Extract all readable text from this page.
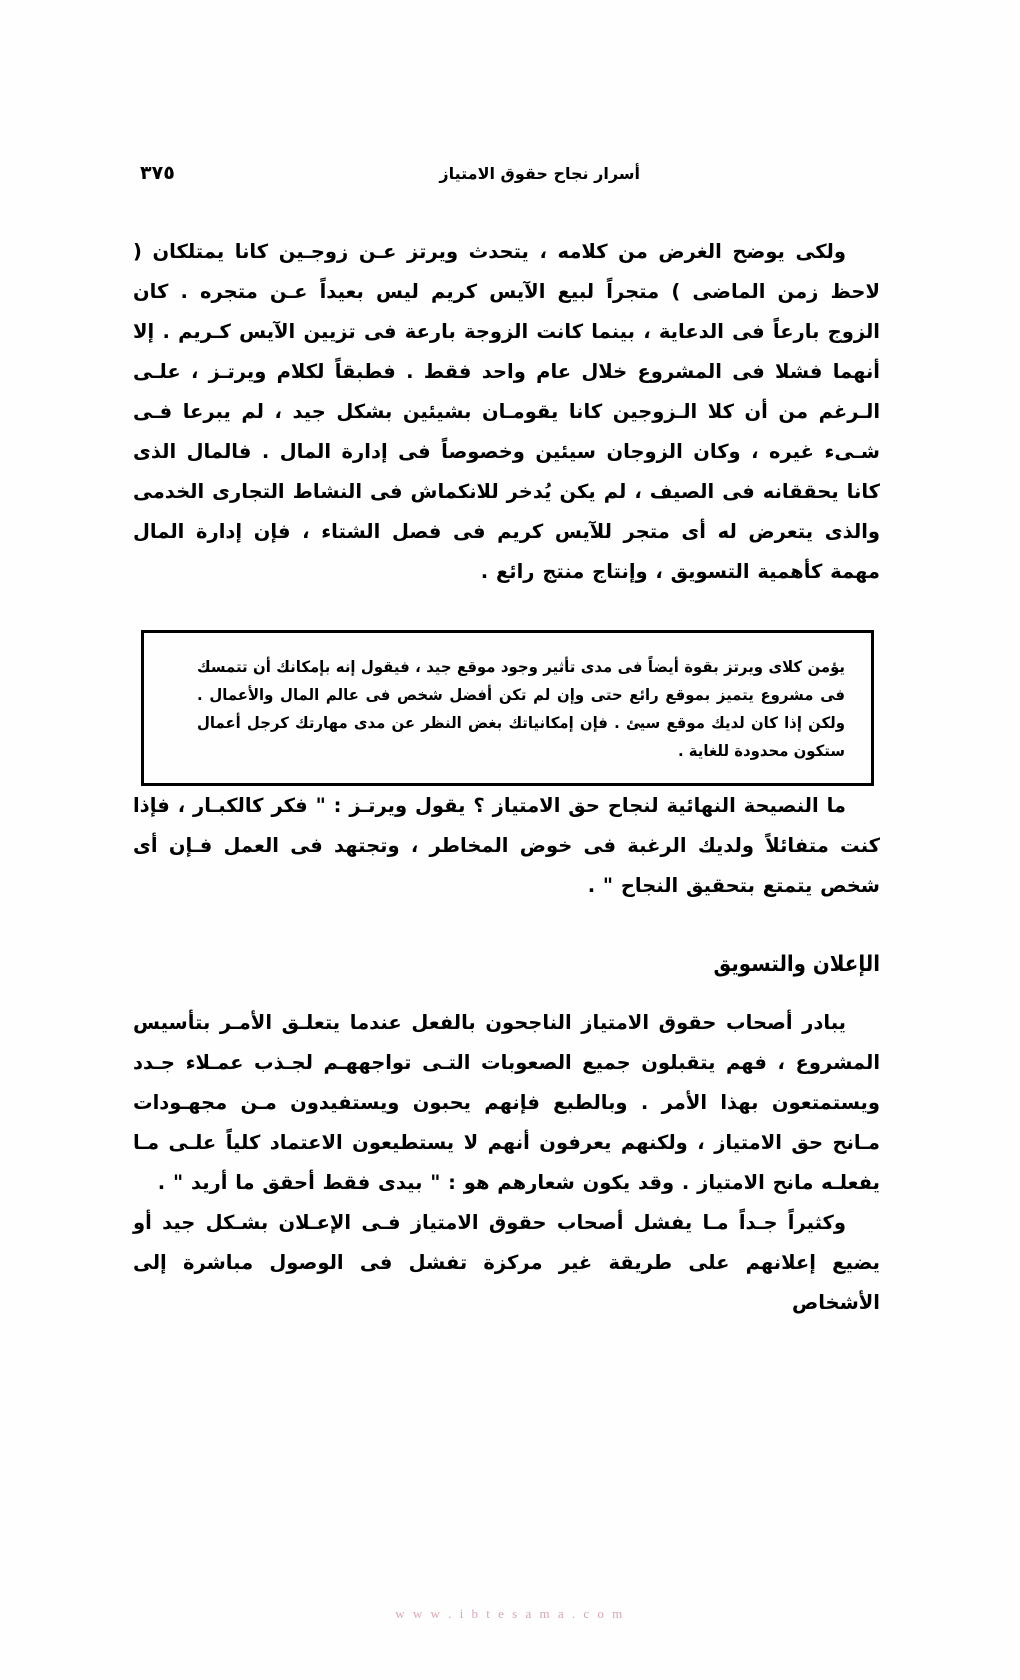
٣٧٥	أسرار نجاح حقوق الامتياز

ولكى يوضح الغرض من كلامه ، يتحدث ويرتز عـن زوجـين كانا يمتلكان ( لاحظ زمن الماضى ) متجراً لبيع الآيس كريم ليس بعيداً عـن متجره . كان الزوج بارعاً فى الدعاية ، بينما كانت الزوجة بارعة فى تزيين الآيس كـريم . إلا أنهما فشلا فى المشروع خلال عام واحد فقط . فطبقاً لكلام ويرتـز ، علـى الـرغم من أن كلا الـزوجين كانا يقومـان بشيئين بشكل جيد ، لم يبرعا فـى شـىء غيره ، وكان الزوجان سيئين وخصوصاً فى إدارة المال . فالمال الذى كانا يحققانه فى الصيف ، لم يكن يُدخر للانكماش فى النشاط التجارى الخدمى والذى يتعرض له أى متجر للآيس كريم فى فصل الشتاء ، فإن إدارة المال مهمة كأهمية التسويق ، وإنتاج منتج رائع .

يؤمن كلاى ويرتز بقوة أيضاً فى مدى تأثير وجود موقع جيد ، فيقول إنه بإمكانك أن تتمسك فى مشروع يتميز بموقع رائع حتى وإن لم تكن أفضل شخص فى عالم المال والأعمال . ولكن إذا كان لديك موقع سيئ . فإن إمكانياتك بغض النظر عن مدى مهارتك كرجل أعمال ستكون محدودة للغاية .

ما النصيحة النهائية لنجاح حق الامتياز ؟ يقول ويرتـز : " فكر كالكبـار ، فإذا كنت متفائلاً ولديك الرغبة فى خوض المخاطر ، وتجتهد فى العمل فـإن أى شخص يتمتع بتحقيق النجاح " .

الإعلان والتسويق

يبادر أصحاب حقوق الامتياز الناجحون بالفعل عندما يتعلـق الأمـر بتأسيس المشروع ، فهم يتقبلون جميع الصعوبات التـى تواجههـم لجـذب عمـلاء جـدد ويستمتعون بهذا الأمر . وبالطبع فإنهم يحبون ويستفيدون مـن مجهـودات مـانح حق الامتياز ، ولكنهم يعرفون أنهم لا يستطيعون الاعتماد كلياً علـى مـا يفعلـه مانح الامتياز . وقد يكون شعارهم هو : " بيدى فقط أحقق ما أريد " .

وكثيراً جـداً مـا يفشل أصحاب حقوق الامتياز فـى الإعـلان بشـكل جيد أو يضيع إعلانهم على طريقة غير مركزة تفشل فى الوصول مباشرة إلى الأشخاص

w w w . i b t e s a m a . c o m
